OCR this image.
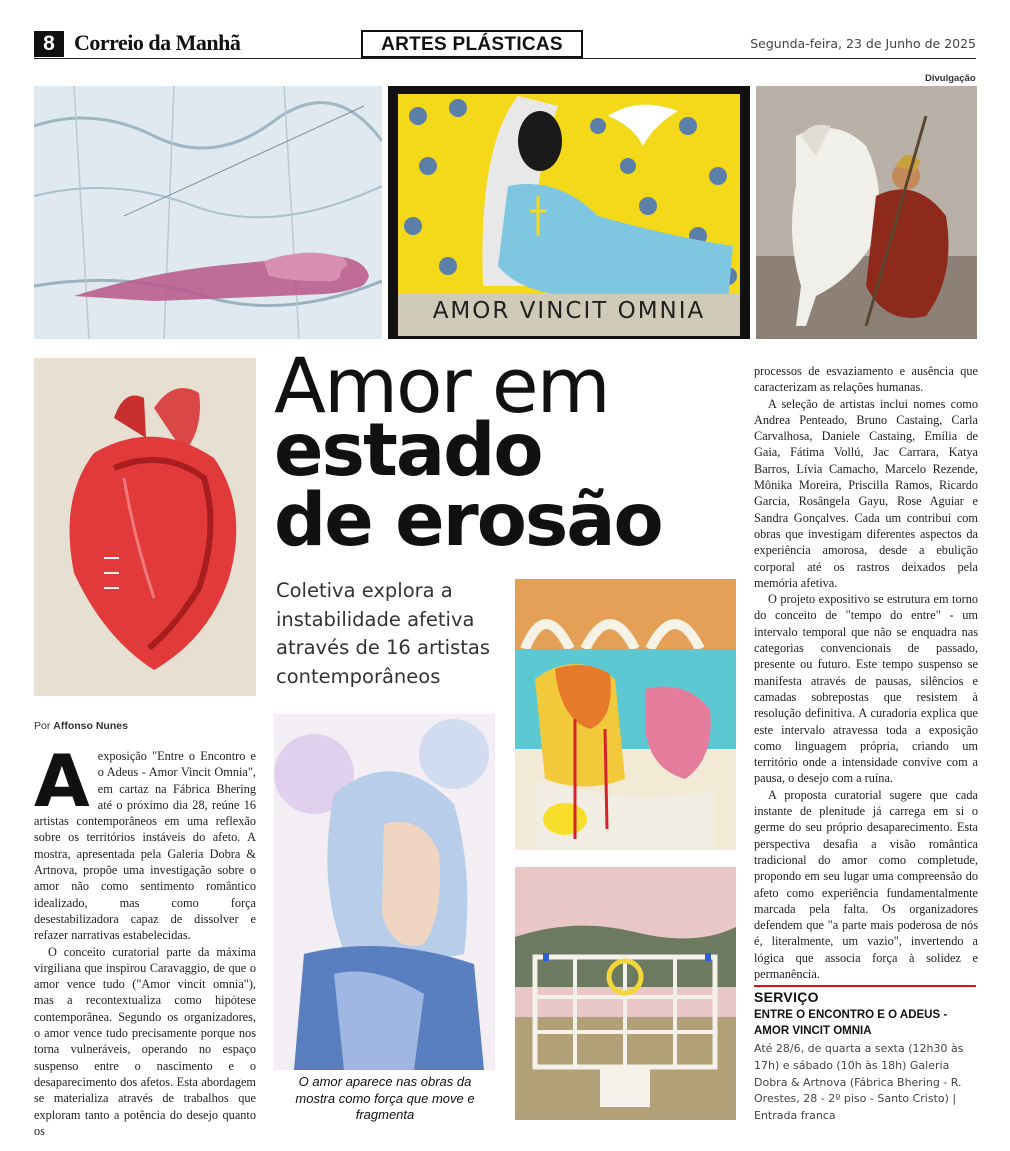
8 Correio da Manhã	ARTES PLÁSTICAS	Segunda-feira, 23 de Junho de 2025
Divulgação
AMOR VINCIT OMNIA
Amor em
estado
de erosão
Coletiva explora a instabilidade afetiva através de 16 artistas contemporâneos
Por Affonso Nunes

Aexposição "Entre o Encontro e o Adeus - Amor Vincit Omnia", em cartaz na Fábrica Bhering até o próximo dia 28, reúne 16 artistas contemporâneos em uma reflexão sobre os territórios instáveis do afeto. A mostra, apresentada pela Galeria Dobra & Artnova, propõe uma investigação sobre o amor não como sentimento romântico idealizado, mas como força desestabilizadora capaz de dissolver e refazer narrativas estabelecidas.

O conceito curatorial parte da máxima virgiliana que inspirou Caravaggio, de que o amor vence tudo ("Amor vincit omnia"), mas a recontextualiza como hipótese contemporânea. Segundo os organizadores, o amor vence tudo precisamente porque nos torna vulneráveis, operando no espaço suspenso entre o nascimento e o desaparecimento dos afetos. Esta abordagem se materializa através de trabalhos que exploram tanto a potência do desejo quanto os

processos de esvaziamento e ausência que caracterizam as relações humanas.

A seleção de artistas inclui nomes como Andrea Penteado, Bruno Castaing, Carla Carvalhosa, Daniele Castaing, Emília de Gaia, Fátima Vollú, Jac Carrara, Katya Barros, Lívia Camacho, Marcelo Rezende, Mônika Moreira, Priscilla Ramos, Ricardo Garcia, Rosângela Gayu, Rose Aguiar e Sandra Gonçalves. Cada um contribui com obras que investigam diferentes aspectos da experiência amorosa, desde a ebulição corporal até os rastros deixados pela memória afetiva.

O projeto expositivo se estrutura em torno do conceito de "tempo do entre" - um intervalo temporal que não se enquadra nas categorias convencionais de passado, presente ou futuro. Este tempo suspenso se manifesta através de pausas, silêncios e camadas sobrepostas que resistem à resolução definitiva. A curadoria explica que este intervalo atravessa toda a exposição como linguagem própria, criando um território onde a intensidade convive com a pausa, o desejo com a ruína.

A proposta curatorial sugere que cada instante de plenitude já carrega em si o germe do seu próprio desaparecimento. Esta perspectiva desafia a visão romântica tradicional do amor como completude, propondo em seu lugar uma compreensão do afeto como experiência fundamentalmente marcada pela falta. Os organizadores defendem que "a parte mais poderosa de nós é, literalmente, um vazio", invertendo a lógica que associa força à solidez e permanência.

O amor aparece nas obras da mostra como força que move e fragmenta
SERVIÇO
ENTRE O ENCONTRO E O ADEUS - AMOR VINCIT OMNIA
Até 28/6, de quarta a sexta (12h30 às 17h) e sábado (10h às 18h) Galeria Dobra & Artnova (Fábrica Bhering - R. Orestes, 28 - 2º piso - Santo Cristo) | Entrada franca
